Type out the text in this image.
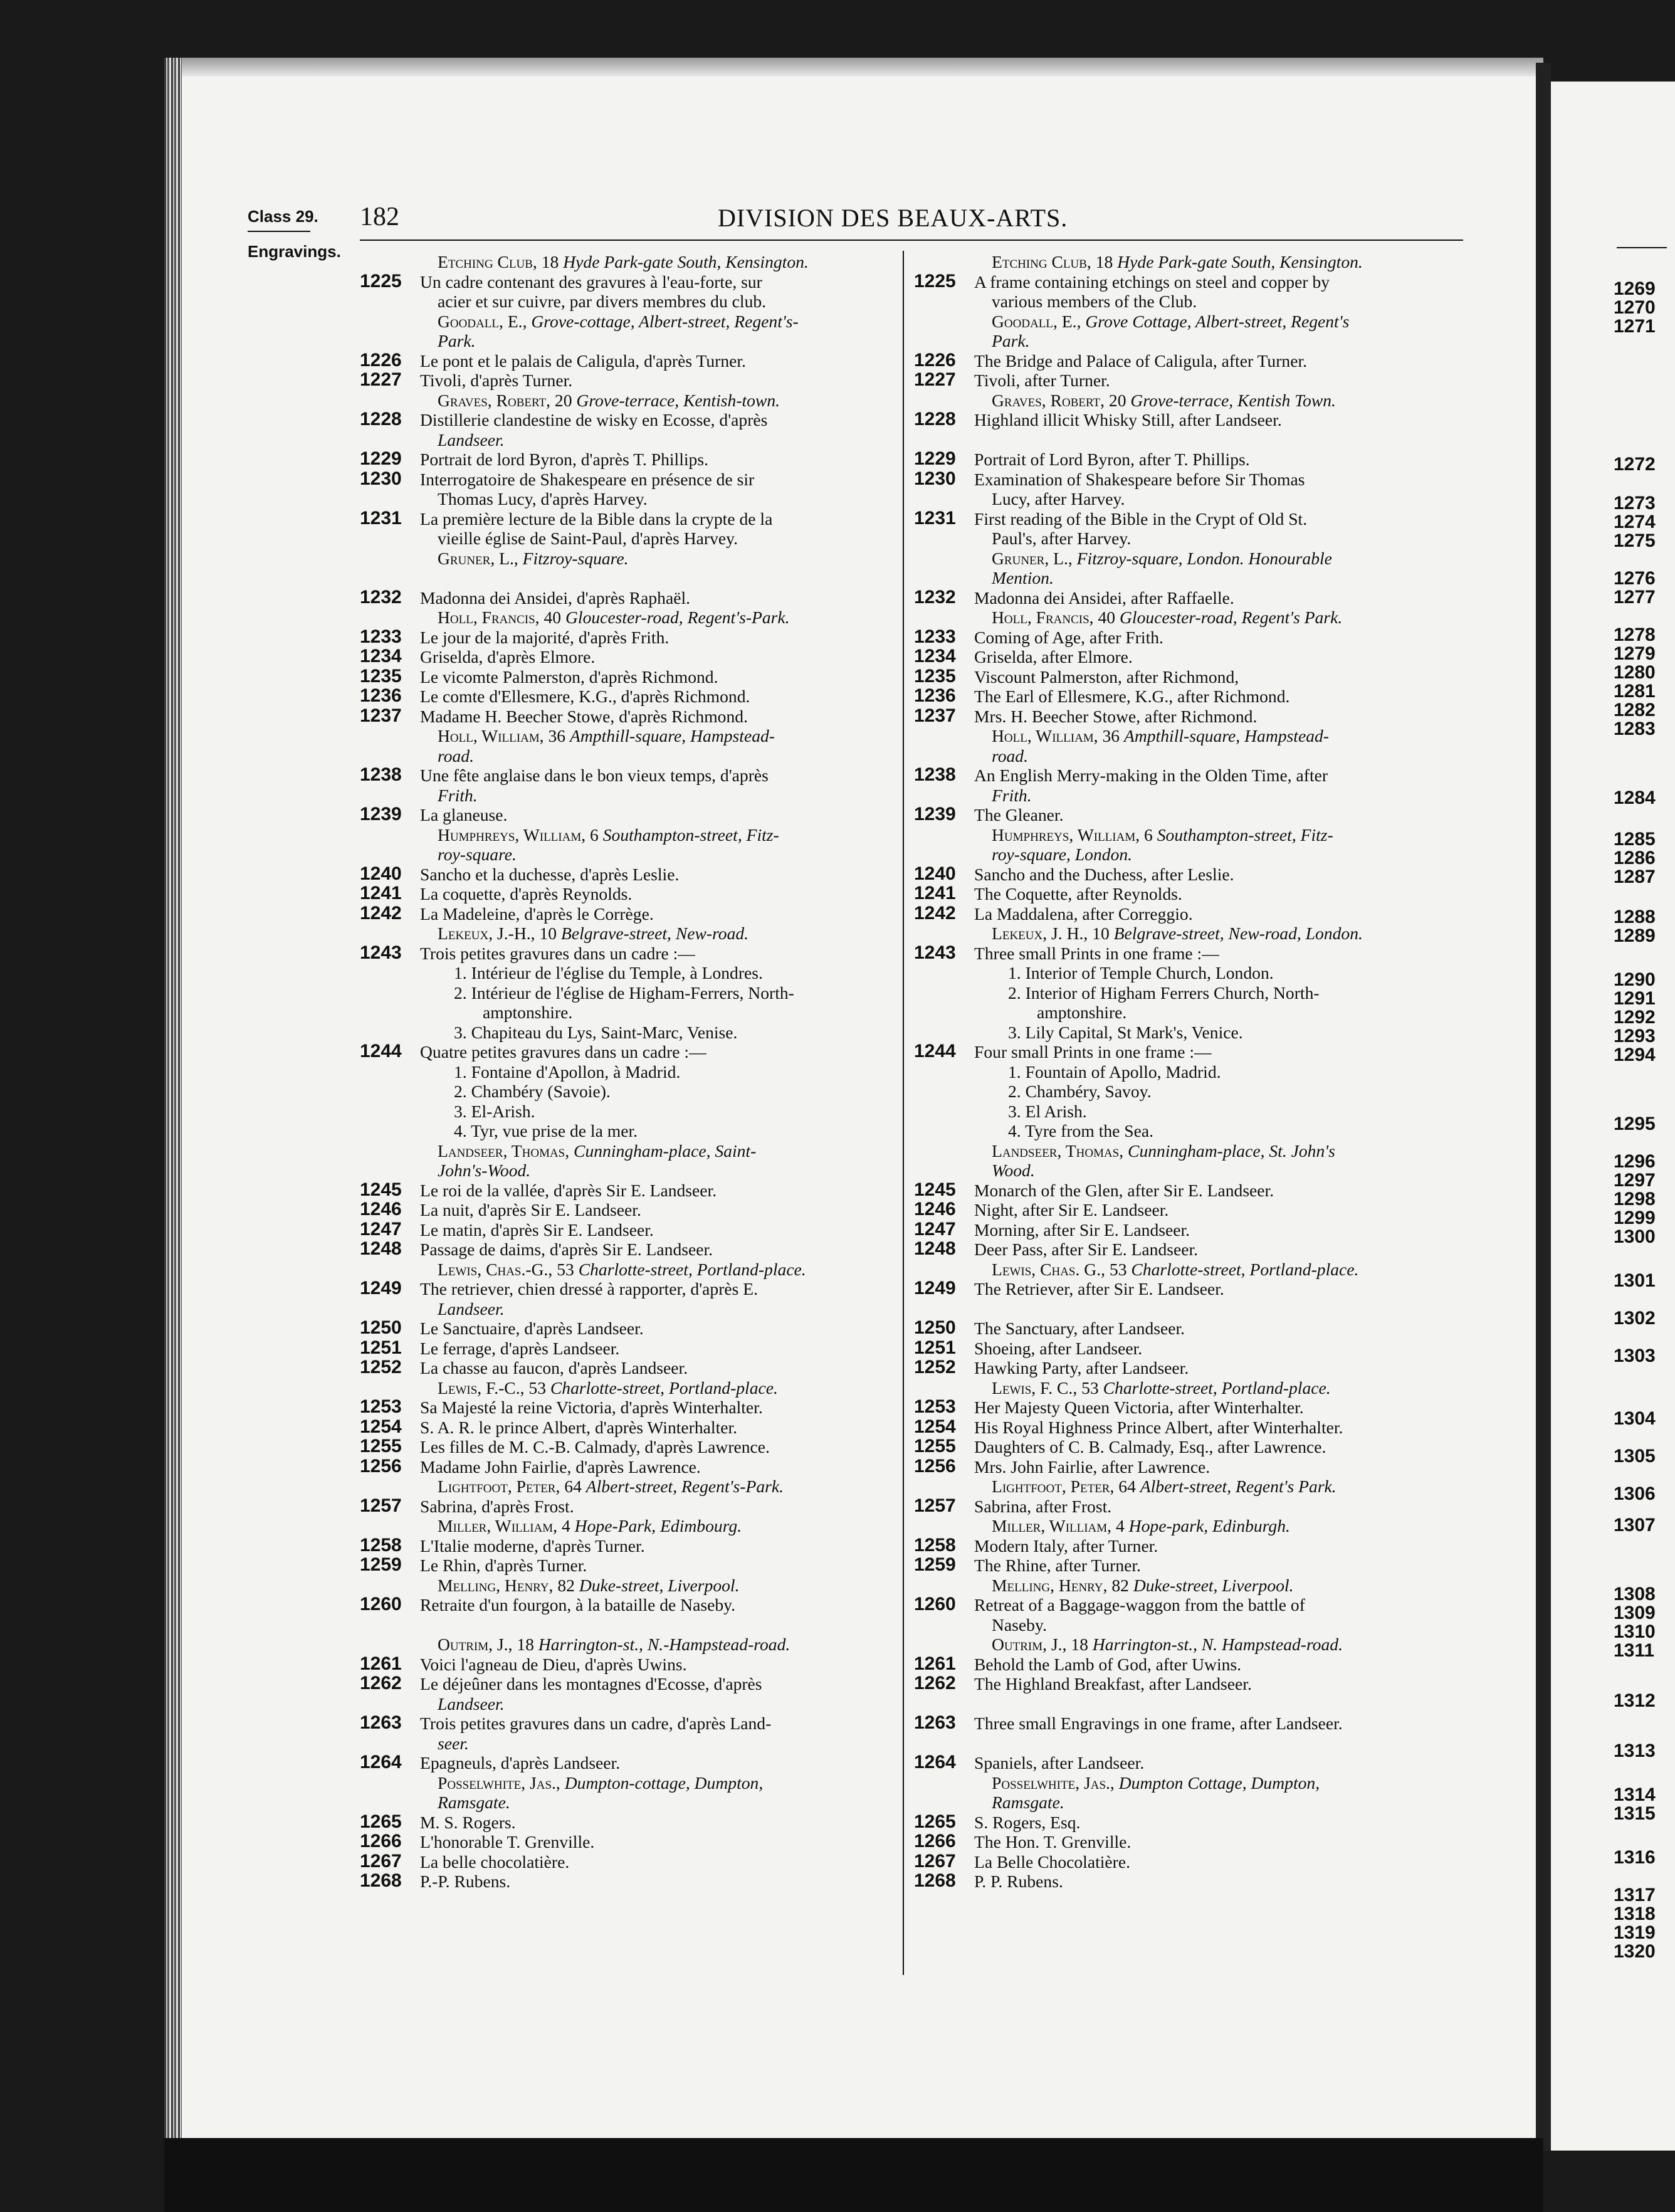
Class 29.
Engravings.
182	DIVISION DES BEAUX-ARTS.
Etching Club, 18 Hyde Park-gate South, Kensington.
1225	Un cadre contenant des gravures à l'eau-forte, sur
acier et sur cuivre, par divers membres du club.
Goodall, E., Grove-cottage, Albert-street, Regent's-
Park.
1226	Le pont et le palais de Caligula, d'après Turner.
1227	Tivoli, d'après Turner.
Graves, Robert, 20 Grove-terrace, Kentish-town.
1228	Distillerie clandestine de wisky en Ecosse, d'après
Landseer.
1229	Portrait de lord Byron, d'après T. Phillips.
1230	Interrogatoire de Shakespeare en présence de sir
Thomas Lucy, d'après Harvey.
1231	La première lecture de la Bible dans la crypte de la
vieille église de Saint-Paul, d'après Harvey.
Gruner, L., Fitzroy-square.
1232	Madonna dei Ansidei, d'après Raphaël.
Holl, Francis, 40 Gloucester-road, Regent's-Park.
1233	Le jour de la majorité, d'après Frith.
1234	Griselda, d'après Elmore.
1235	Le vicomte Palmerston, d'après Richmond.
1236	Le comte d'Ellesmere, K.G., d'après Richmond.
1237	Madame H. Beecher Stowe, d'après Richmond.
Holl, William, 36 Ampthill-square, Hampstead-
road.
1238	Une fête anglaise dans le bon vieux temps, d'après
Frith.
1239	La glaneuse.
Humphreys, William, 6 Southampton-street, Fitz-
roy-square.
1240	Sancho et la duchesse, d'après Leslie.
1241	La coquette, d'après Reynolds.
1242	La Madeleine, d'après le Corrège.
Lekeux, J.-H., 10 Belgrave-street, New-road.
1243	Trois petites gravures dans un cadre :—
1. Intérieur de l'église du Temple, à Londres.
2. Intérieur de l'église de Higham-Ferrers, North-
amptonshire.
3. Chapiteau du Lys, Saint-Marc, Venise.
1244	Quatre petites gravures dans un cadre :—
1. Fontaine d'Apollon, à Madrid.
2. Chambéry (Savoie).
3. El-Arish.
4. Tyr, vue prise de la mer.
Landseer, Thomas, Cunningham-place, Saint-
John's-Wood.
1245	Le roi de la vallée, d'après Sir E. Landseer.
1246	La nuit, d'après Sir E. Landseer.
1247	Le matin, d'après Sir E. Landseer.
1248	Passage de daims, d'après Sir E. Landseer.
Lewis, Chas.-G., 53 Charlotte-street, Portland-place.
1249	The retriever, chien dressé à rapporter, d'après E.
Landseer.
1250	Le Sanctuaire, d'après Landseer.
1251	Le ferrage, d'après Landseer.
1252	La chasse au faucon, d'après Landseer.
Lewis, F.-C., 53 Charlotte-street, Portland-place.
1253	Sa Majesté la reine Victoria, d'après Winterhalter.
1254	S. A. R. le prince Albert, d'après Winterhalter.
1255	Les filles de M. C.-B. Calmady, d'après Lawrence.
1256	Madame John Fairlie, d'après Lawrence.
Lightfoot, Peter, 64 Albert-street, Regent's-Park.
1257	Sabrina, d'après Frost.
Miller, William, 4 Hope-Park, Edimbourg.
1258	L'Italie moderne, d'après Turner.
1259	Le Rhin, d'après Turner.
Melling, Henry, 82 Duke-street, Liverpool.
1260	Retraite d'un fourgon, à la bataille de Naseby.
Outrim, J., 18 Harrington-st., N.-Hampstead-road.
1261	Voici l'agneau de Dieu, d'après Uwins.
1262	Le déjeûner dans les montagnes d'Ecosse, d'après
Landseer.
1263	Trois petites gravures dans un cadre, d'après Land-
seer.
1264	Epagneuls, d'après Landseer.
Posselwhite, Jas., Dumpton-cottage, Dumpton,
Ramsgate.
1265	M. S. Rogers.
1266	L'honorable T. Grenville.
1267	La belle chocolatière.
1268	P.-P. Rubens.
Etching Club, 18 Hyde Park-gate South, Kensington.
1225	A frame containing etchings on steel and copper by
various members of the Club.
Goodall, E., Grove Cottage, Albert-street, Regent's
Park.
1226	The Bridge and Palace of Caligula, after Turner.
1227	Tivoli, after Turner.
Graves, Robert, 20 Grove-terrace, Kentish Town.
1228	Highland illicit Whisky Still, after Landseer.
1229	Portrait of Lord Byron, after T. Phillips.
1230	Examination of Shakespeare before Sir Thomas
Lucy, after Harvey.
1231	First reading of the Bible in the Crypt of Old St.
Paul's, after Harvey.
Gruner, L., Fitzroy-square, London. Honourable
Mention.
1232	Madonna dei Ansidei, after Raffaelle.
Holl, Francis, 40 Gloucester-road, Regent's Park.
1233	Coming of Age, after Frith.
1234	Griselda, after Elmore.
1235	Viscount Palmerston, after Richmond,
1236	The Earl of Ellesmere, K.G., after Richmond.
1237	Mrs. H. Beecher Stowe, after Richmond.
Holl, William, 36 Ampthill-square, Hampstead-
road.
1238	An English Merry-making in the Olden Time, after
Frith.
1239	The Gleaner.
Humphreys, William, 6 Southampton-street, Fitz-
roy-square, London.
1240	Sancho and the Duchess, after Leslie.
1241	The Coquette, after Reynolds.
1242	La Maddalena, after Correggio.
Lekeux, J. H., 10 Belgrave-street, New-road, London.
1243	Three small Prints in one frame :—
1. Interior of Temple Church, London.
2. Interior of Higham Ferrers Church, North-
amptonshire.
3. Lily Capital, St Mark's, Venice.
1244	Four small Prints in one frame :—
1. Fountain of Apollo, Madrid.
2. Chambéry, Savoy.
3. El Arish.
4. Tyre from the Sea.
Landseer, Thomas, Cunningham-place, St. John's
Wood.
1245	Monarch of the Glen, after Sir E. Landseer.
1246	Night, after Sir E. Landseer.
1247	Morning, after Sir E. Landseer.
1248	Deer Pass, after Sir E. Landseer.
Lewis, Chas. G., 53 Charlotte-street, Portland-place.
1249	The Retriever, after Sir E. Landseer.
1250	The Sanctuary, after Landseer.
1251	Shoeing, after Landseer.
1252	Hawking Party, after Landseer.
Lewis, F. C., 53 Charlotte-street, Portland-place.
1253	Her Majesty Queen Victoria, after Winterhalter.
1254	His Royal Highness Prince Albert, after Winterhalter.
1255	Daughters of C. B. Calmady, Esq., after Lawrence.
1256	Mrs. John Fairlie, after Lawrence.
Lightfoot, Peter, 64 Albert-street, Regent's Park.
1257	Sabrina, after Frost.
Miller, William, 4 Hope-park, Edinburgh.
1258	Modern Italy, after Turner.
1259	The Rhine, after Turner.
Melling, Henry, 82 Duke-street, Liverpool.
1260	Retreat of a Baggage-waggon from the battle of
Naseby.
Outrim, J., 18 Harrington-st., N. Hampstead-road.
1261	Behold the Lamb of God, after Uwins.
1262	The Highland Breakfast, after Landseer.
1263	Three small Engravings in one frame, after Landseer.
1264	Spaniels, after Landseer.
Posselwhite, Jas., Dumpton Cottage, Dumpton,
Ramsgate.
1265	S. Rogers, Esq.
1266	The Hon. T. Grenville.
1267	La Belle Chocolatière.
1268	P. P. Rubens.
1269
1270
1271
1272
1273
1274
1275
1276
1277
1278
1279
1280
1281
1282
1283
1284
1285
1286
1287
1288
1289
1290
1291
1292
1293
1294
1295
1296
1297
1298
1299
1300
1301
1302
1303
1304
1305
1306
1307
1308
1309
1310
1311
1312
1313
1314
1315
1316
1317
1318
1319
1320
